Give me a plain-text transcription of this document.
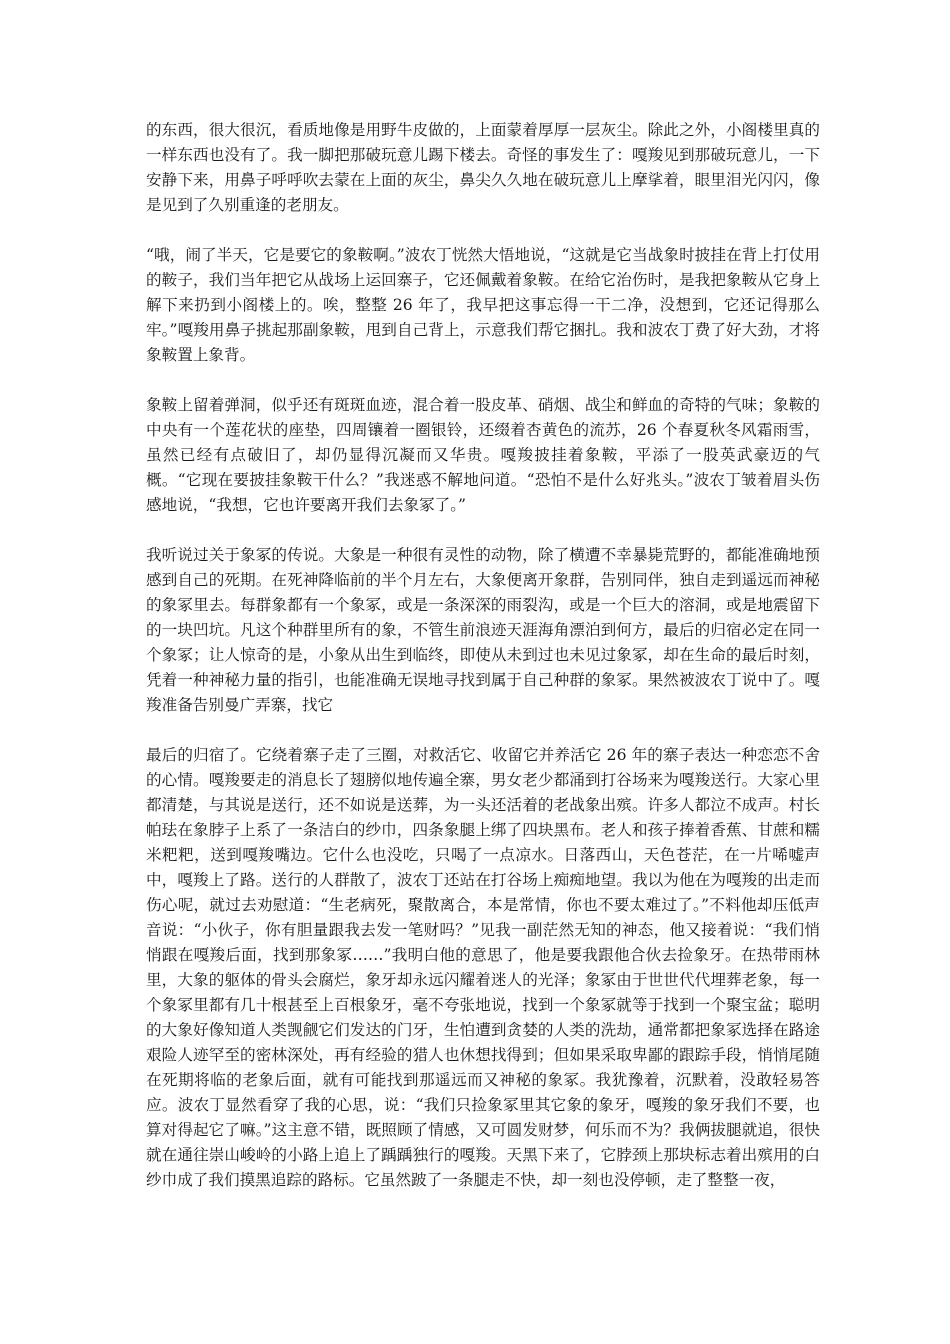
的东西，很大很沉，看质地像是用野牛皮做的，上面蒙着厚厚一层灰尘。除此之外，小阁楼里真的一样东西也没有了。我一脚把那破玩意儿踢下楼去。奇怪的事发生了：嘎羧见到那破玩意儿，一下安静下来，用鼻子呼呼吹去蒙在上面的灰尘，鼻尖久久地在破玩意儿上摩挲着，眼里泪光闪闪，像是见到了久别重逢的老朋友。

“哦，闹了半天，它是要它的象鞍啊。”波农丁恍然大悟地说，“这就是它当战象时披挂在背上打仗用的鞍子，我们当年把它从战场上运回寨子，它还佩戴着象鞍。在给它治伤时，是我把象鞍从它身上解下来扔到小阁楼上的。唉，整整 26 年了，我早把这事忘得一干二净，没想到，它还记得那么牢。”嘎羧用鼻子挑起那副象鞍，甩到自己背上，示意我们帮它捆扎。我和波农丁费了好大劲，才将象鞍置上象背。

象鞍上留着弹洞，似乎还有斑斑血迹，混合着一股皮革、硝烟、战尘和鲜血的奇特的气味；象鞍的中央有一个莲花状的座垫，四周镶着一圈银铃，还缀着杏黄色的流苏，26 个春夏秋冬风霜雨雪，虽然已经有点破旧了，却仍显得沉凝而又华贵。嘎羧披挂着象鞍，平添了一股英武豪迈的气概。“它现在要披挂象鞍干什么？”我迷惑不解地问道。“恐怕不是什么好兆头。”波农丁皱着眉头伤感地说，“我想，它也许要离开我们去象冢了。”

我听说过关于象冢的传说。大象是一种很有灵性的动物，除了横遭不幸暴毙荒野的，都能准确地预感到自己的死期。在死神降临前的半个月左右，大象便离开象群，告别同伴，独自走到遥远而神秘的象冢里去。每群象都有一个象冢，或是一条深深的雨裂沟，或是一个巨大的溶洞，或是地震留下的一块凹坑。凡这个种群里所有的象，不管生前浪迹天涯海角漂泊到何方，最后的归宿必定在同一个象冢；让人惊奇的是，小象从出生到临终，即使从未到过也未见过象冢，却在生命的最后时刻，凭着一种神秘力量的指引，也能准确无误地寻找到属于自己种群的象冢。果然被波农丁说中了。嘎羧准备告别曼广弄寨，找它

最后的归宿了。它绕着寨子走了三圈，对救活它、收留它并养活它 26 年的寨子表达一种恋恋不舍的心情。嘎羧要走的消息长了翅膀似地传遍全寨，男女老少都涌到打谷场来为嘎羧送行。大家心里都清楚，与其说是送行，还不如说是送葬，为一头还活着的老战象出殡。许多人都泣不成声。村长帕珐在象脖子上系了一条洁白的纱巾，四条象腿上绑了四块黑布。老人和孩子捧着香蕉、甘蔗和糯米粑粑，送到嘎羧嘴边。它什么也没吃，只喝了一点凉水。日落西山，天色苍茫，在一片唏嘘声中，嘎羧上了路。送行的人群散了，波农丁还站在打谷场上痴痴地望。我以为他在为嘎羧的出走而伤心呢，就过去劝慰道：“生老病死，聚散离合，本是常情，你也不要太难过了。”不料他却压低声音说：“小伙子，你有胆量跟我去发一笔财吗？”见我一副茫然无知的神态，他又接着说：“我们悄悄跟在嘎羧后面，找到那象冢……”我明白他的意思了，他是要我跟他合伙去捡象牙。在热带雨林里，大象的躯体的骨头会腐烂，象牙却永远闪耀着迷人的光泽；象冢由于世世代代埋葬老象，每一个象冢里都有几十根甚至上百根象牙，毫不夸张地说，找到一个象冢就等于找到一个聚宝盆；聪明的大象好像知道人类觊觎它们发达的门牙，生怕遭到贪婪的人类的洗劫，通常都把象冢选择在路途艰险人迹罕至的密林深处，再有经验的猎人也休想找得到；但如果采取卑鄙的跟踪手段，悄悄尾随在死期将临的老象后面，就有可能找到那遥远而又神秘的象冢。我犹豫着，沉默着，没敢轻易答应。波农丁显然看穿了我的心思，说：“我们只捡象冢里其它象的象牙，嘎羧的象牙我们不要，也算对得起它了嘛。”这主意不错，既照顾了情感，又可圆发财梦，何乐而不为？我俩拔腿就追，很快就在通往崇山峻岭的小路上追上了踽踽独行的嘎羧。天黑下来了，它脖颈上那块标志着出殡用的白纱巾成了我们摸黑追踪的路标。它虽然跛了一条腿走不快，却一刻也没停顿，走了整整一夜，
